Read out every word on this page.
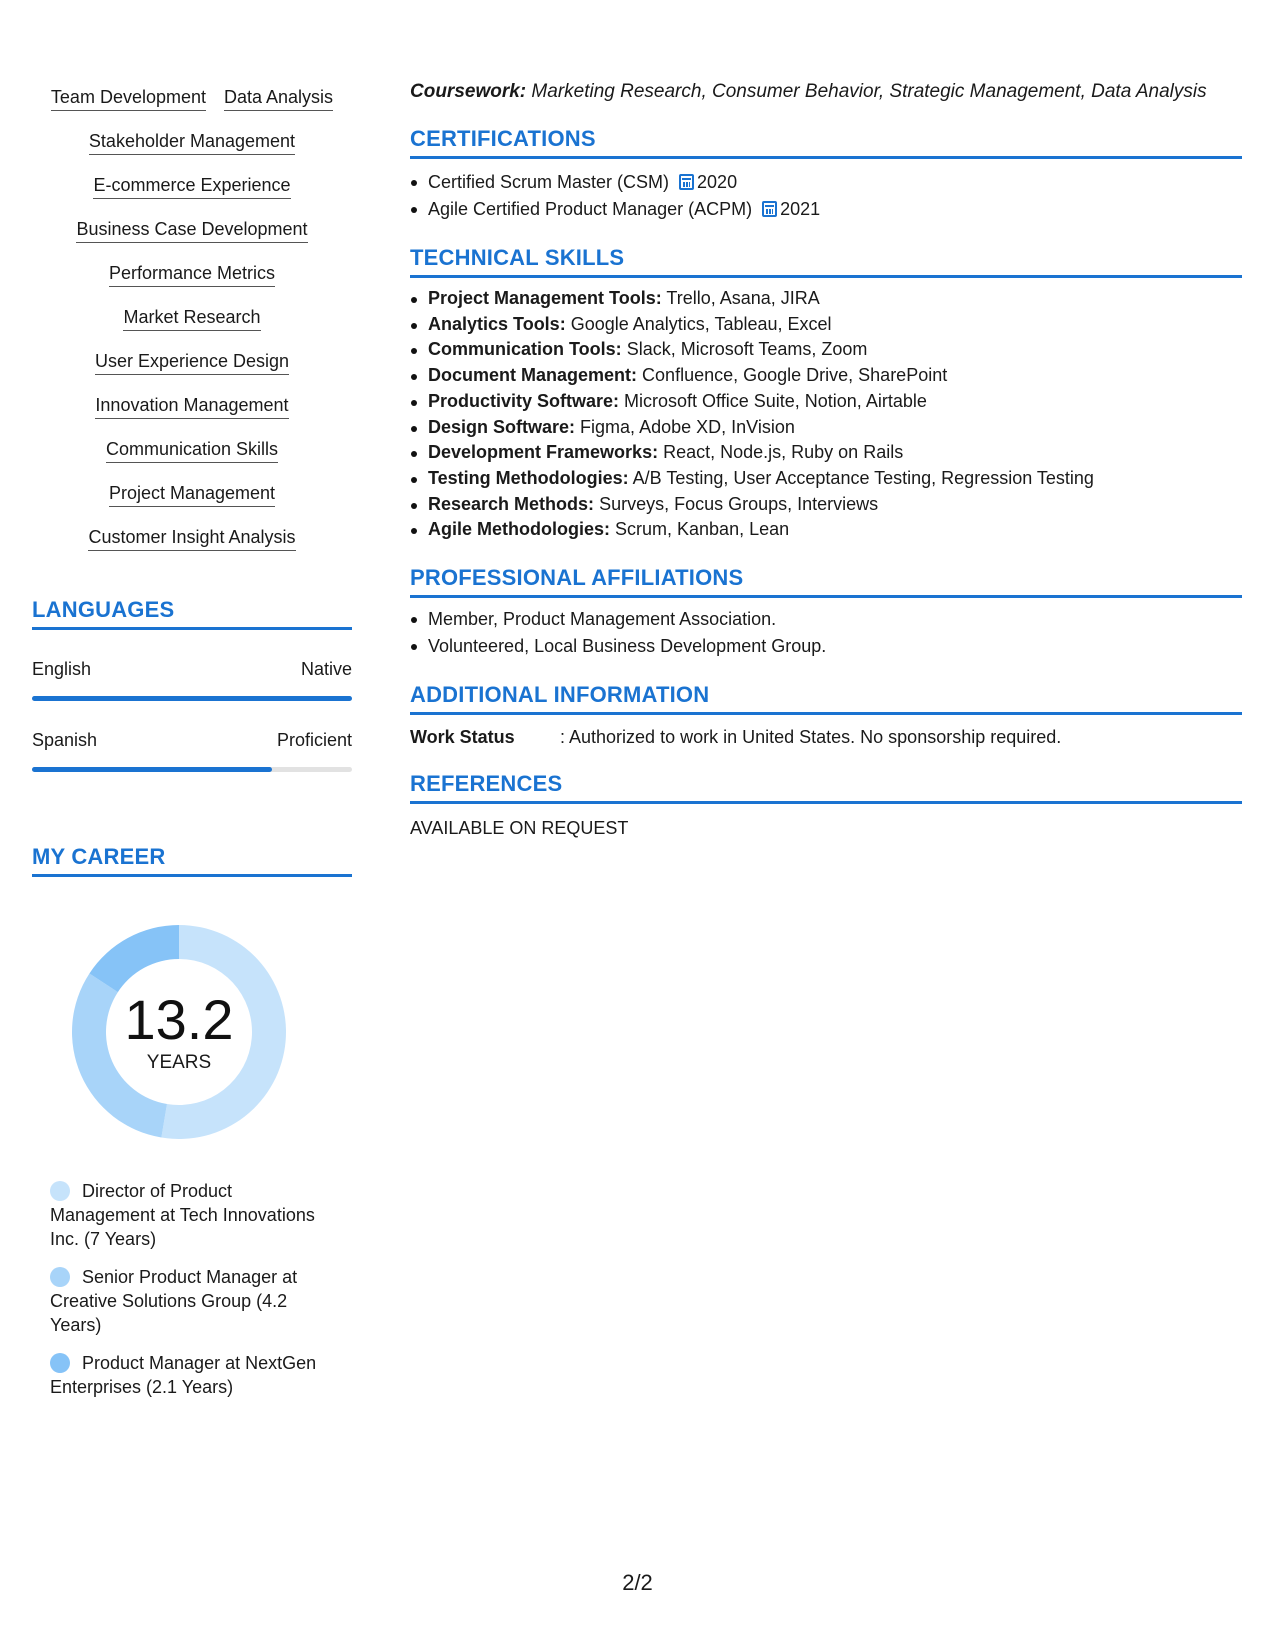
Team Development Data Analysis
Stakeholder Management
E-commerce Experience
Business Case Development
Performance Metrics
Market Research
User Experience Design
Innovation Management
Communication Skills
Project Management
Customer Insight Analysis
LANGUAGES
English	Native
Spanish	Proficient
MY CAREER
13.2
YEARS
Director of Product Management at Tech Innovations Inc. (7 Years)
Senior Product Manager at Creative Solutions Group (4.2 Years)
Product Manager at NextGen Enterprises (2.1 Years)
Coursework: Marketing Research, Consumer Behavior, Strategic Management, Data Analysis
CERTIFICATIONS
Certified Scrum Master (CSM) 2020
Agile Certified Product Manager (ACPM) 2021
TECHNICAL SKILLS
Project Management Tools: Trello, Asana, JIRA
Analytics Tools: Google Analytics, Tableau, Excel
Communication Tools: Slack, Microsoft Teams, Zoom
Document Management: Confluence, Google Drive, SharePoint
Productivity Software: Microsoft Office Suite, Notion, Airtable
Design Software: Figma, Adobe XD, InVision
Development Frameworks: React, Node.js, Ruby on Rails
Testing Methodologies: A/B Testing, User Acceptance Testing, Regression Testing
Research Methods: Surveys, Focus Groups, Interviews
Agile Methodologies: Scrum, Kanban, Lean
PROFESSIONAL AFFILIATIONS
Member, Product Management Association.
Volunteered, Local Business Development Group.
ADDITIONAL INFORMATION
Work Status	: Authorized to work in United States. No sponsorship required.
REFERENCES
AVAILABLE ON REQUEST
2/2
